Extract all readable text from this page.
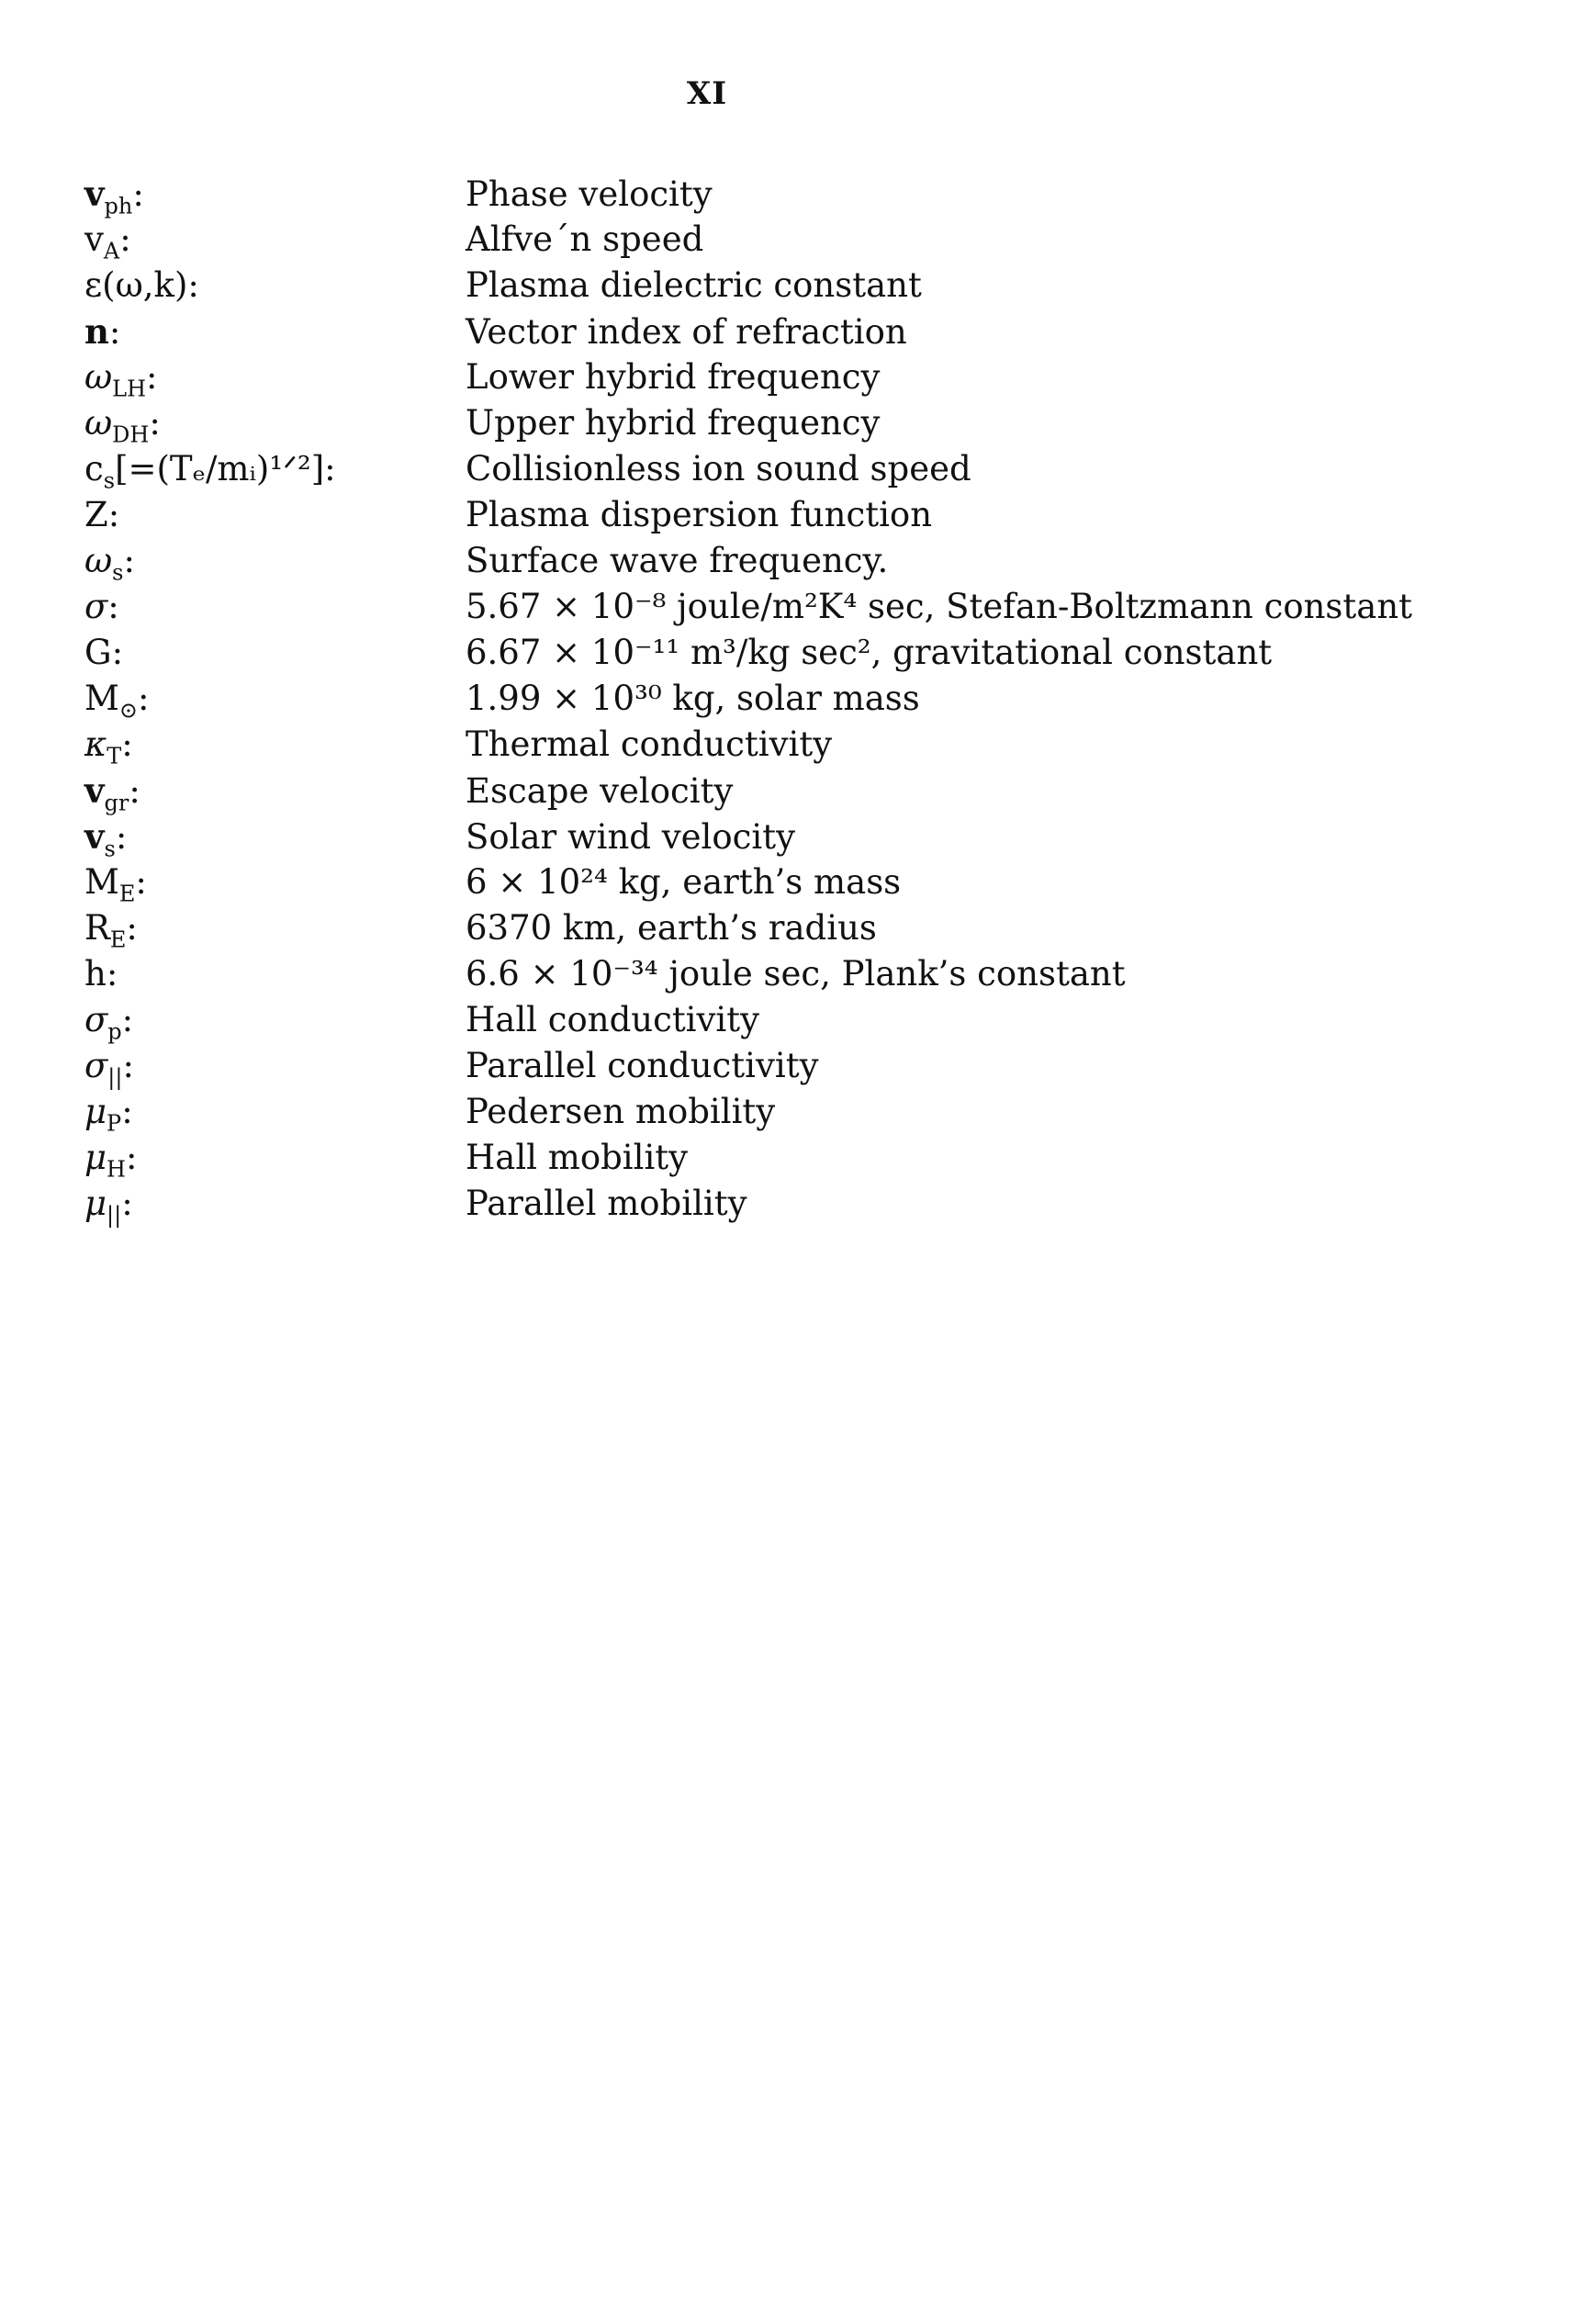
XI
$v_{ph}$:	Phase velocity
$v_A$:	Alfve´n speed
ε(ω,k):	Plasma dielectric constant
n:	Vector index of refraction
$\omega_{LH}$:	Lower hybrid frequency
$\omega_{DH}$:	Upper hybrid frequency
$c_s[=(T_e/mᵢ)^1ᐟ^2]$:	Collisionless ion sound speed
Z:	Plasma dispersion function
$\omega_s$:	Surface wave frequency.
σ:	5.67 × 10⁻⁸ joule/m²K⁴ sec, Stefan-Boltzmann constant
G:	6.67 × 10⁻¹¹ m³/kg sec², gravitational constant
$M_⊙$:	1.99 × 10³⁰ kg, solar mass
$\kappa_T$:	Thermal conductivity
$v_{gr}$:	Escape velocity
$v_s$:	Solar wind velocity
$M_E$:	6 × 10²⁴ kg, earth’s mass
$R_E$:	6370 km, earth’s radius
h:	6.6 × 10⁻³⁴ joule sec, Plank’s constant
$\sigma_p$:	Hall conductivity
$\sigma_{||}$:	Parallel conductivity
$\mu_P$:	Pedersen mobility
$\mu_H$:	Hall mobility
$\mu_{||}$:	Parallel mobility
